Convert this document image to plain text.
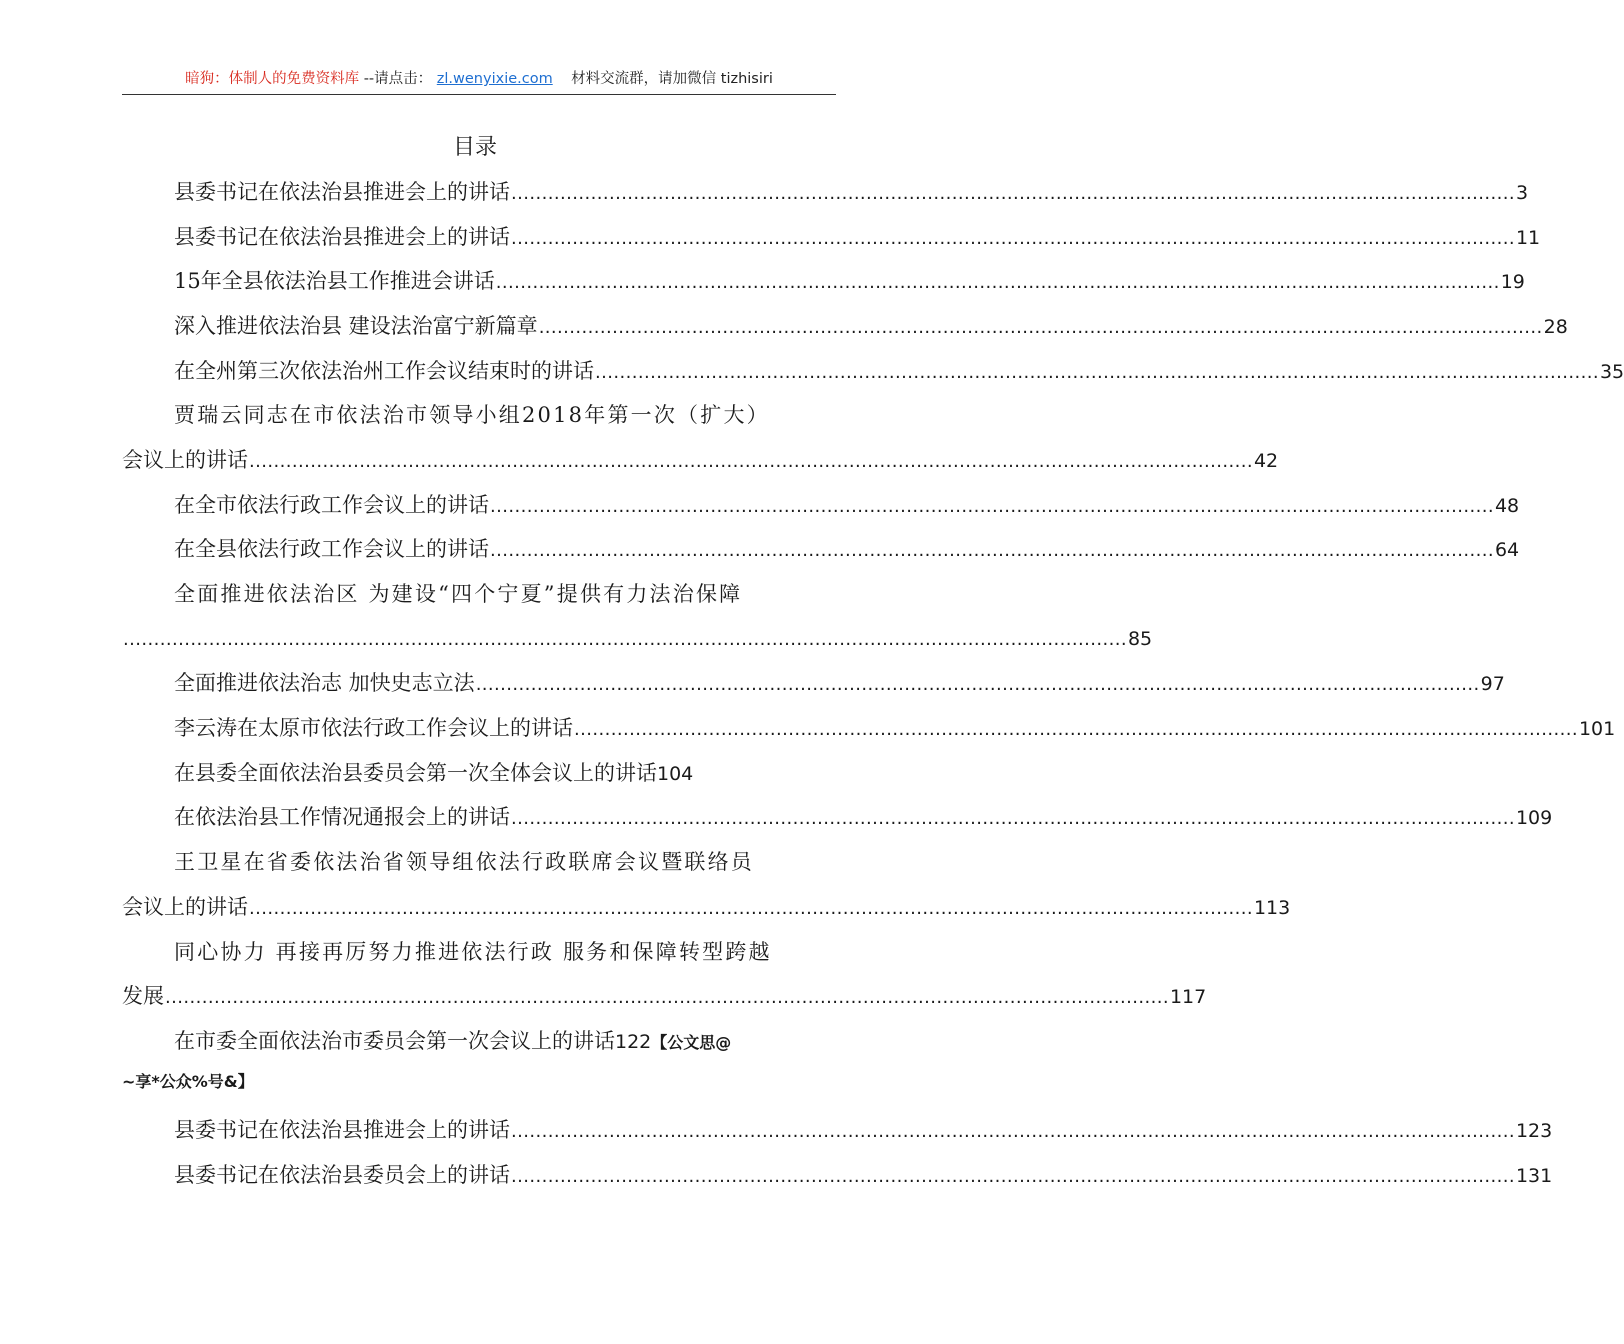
暗狗：体制人的免费资料库 --请点击： zl.wenyixie.com 材料交流群，请加微信 tizhisiri
目录
县委书记在依法治县推进会上的讲话 .................................................................................................................................................................... 3
县委书记在依法治县推进会上的讲话 .................................................................................................................................................................... 11
15年全县依法治县工作推进会讲话 .................................................................................................................................................................... 19
深入推进依法治县 建设法治富宁新篇章 .................................................................................................................................................................... 28
在全州第三次依法治州工作会议结束时的讲话 .................................................................................................................................................................... 35
贾瑞云同志在市依法治市领导小组2018年第一次（扩大）
会议上的讲话 .................................................................................................................................................................... 42
在全市依法行政工作会议上的讲话 .................................................................................................................................................................... 48
在全县依法行政工作会议上的讲话 .................................................................................................................................................................... 64
全面推进依法治区 为建设“四个宁夏”提供有力法治保障
.................................................................................................................................................................... 85
全面推进依法治志 加快史志立法 .................................................................................................................................................................... 97
李云涛在太原市依法行政工作会议上的讲话 .................................................................................................................................................................... 101
在县委全面依法治县委员会第一次全体会议上的讲话 104
在依法治县工作情况通报会上的讲话 .................................................................................................................................................................... 109
王卫星在省委依法治省领导组依法行政联席会议暨联络员
会议上的讲话 .................................................................................................................................................................... 113
同心协力 再接再厉努力推进依法行政 服务和保障转型跨越
发展 .................................................................................................................................................................... 117
在市委全面依法治市委员会第一次会议上的讲话122【公文思@
~享*公众%号&】
县委书记在依法治县推进会上的讲话 .................................................................................................................................................................... 123
县委书记在依法治县委员会上的讲话 .................................................................................................................................................................... 131
